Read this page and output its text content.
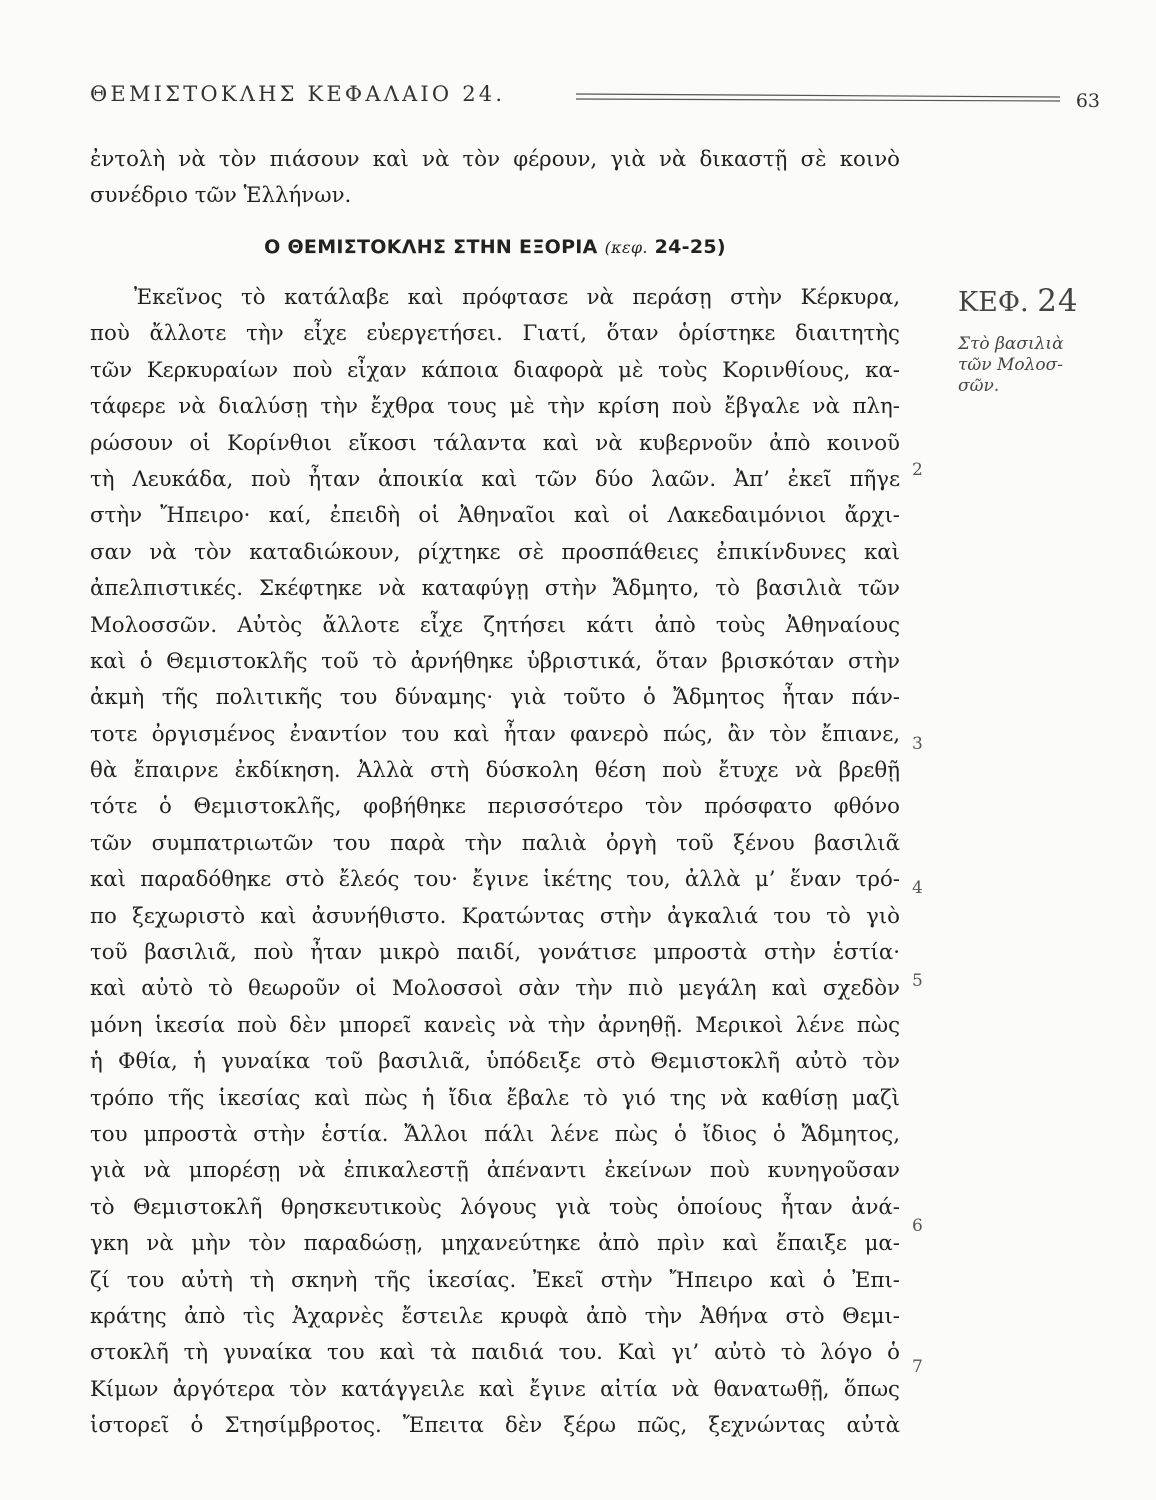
ΘΕΜΙΣΤΟΚΛΗΣ ΚΕΦΑΛΑΙΟ 24.	63
ἐντολὴ νὰ τὸν πιάσουν καὶ νὰ τὸν φέρουν, γιὰ νὰ δικαστῇ σὲ κοινὸ
συνέδριο τῶν Ἑλλήνων.
Ο ΘΕΜΙΣΤΟΚΛΗΣ ΣΤΗΝ ΕΞΟΡΙΑ (κεφ. 24-25)
Ἐκεῖνος τὸ κατάλαβε καὶ πρόφτασε νὰ περάσῃ στὴν Κέρκυρα,
ποὺ ἄλλοτε τὴν εἶχε εὐεργετήσει. Γιατί, ὅταν ὁρίστηκε διαιτητὴς
τῶν Κερκυραίων ποὺ εἶχαν κάποια διαφορὰ μὲ τοὺς Κορινθίους, κα-
τάφερε νὰ διαλύσῃ τὴν ἔχθρα τους μὲ τὴν κρίση ποὺ ἔβγαλε νὰ πλη-
ρώσουν οἱ Κορίνθιοι εἴκοσι τάλαντα καὶ νὰ κυβερνοῦν ἀπὸ κοινοῦ
τὴ Λευκάδα, ποὺ ἦταν ἀποικία καὶ τῶν δύο λαῶν. Ἀπ’ ἐκεῖ πῆγε
στὴν Ἤπειρο· καί, ἐπειδὴ οἱ Ἀθηναῖοι καὶ οἱ Λακεδαιμόνιοι ἄρχι-
σαν νὰ τὸν καταδιώκουν, ρίχτηκε σὲ προσπάθειες ἐπικίνδυνες καὶ
ἀπελπιστικές. Σκέφτηκε νὰ καταφύγῃ στὴν Ἄδμητο, τὸ βασιλιὰ τῶν
Μολοσσῶν. Αὐτὸς ἄλλοτε εἶχε ζητήσει κάτι ἀπὸ τοὺς Ἀθηναίους
καὶ ὁ Θεμιστοκλῆς τοῦ τὸ ἀρνήθηκε ὑβριστικά, ὅταν βρισκόταν στὴν
ἀκμὴ τῆς πολιτικῆς του δύναμης· γιὰ τοῦτο ὁ Ἄδμητος ἦταν πάν-
τοτε ὀργισμένος ἐναντίον του καὶ ἦταν φανερὸ πώς, ἂν τὸν ἔπιανε,
θὰ ἔπαιρνε ἐκδίκηση. Ἀλλὰ στὴ δύσκολη θέση ποὺ ἔτυχε νὰ βρεθῇ
τότε ὁ Θεμιστοκλῆς, φοβήθηκε περισσότερο τὸν πρόσφατο φθόνο
τῶν συμπατριωτῶν του παρὰ τὴν παλιὰ ὀργὴ τοῦ ξένου βασιλιᾶ
καὶ παραδόθηκε στὸ ἔλεός του· ἔγινε ἱκέτης του, ἀλλὰ μ’ ἕναν τρό-
πο ξεχωριστὸ καὶ ἀσυνήθιστο. Κρατώντας στὴν ἀγκαλιά του τὸ γιὸ
τοῦ βασιλιᾶ, ποὺ ἦταν μικρὸ παιδί, γονάτισε μπροστὰ στὴν ἑστία·
καὶ αὐτὸ τὸ θεωροῦν οἱ Μολοσσοὶ σὰν τὴν πιὸ μεγάλη καὶ σχεδὸν
μόνη ἱκεσία ποὺ δὲν μπορεῖ κανεὶς νὰ τὴν ἀρνηθῇ. Μερικοὶ λένε πὼς
ἡ Φθία, ἡ γυναίκα τοῦ βασιλιᾶ, ὑπόδειξε στὸ Θεμιστοκλῆ αὐτὸ τὸν
τρόπο τῆς ἱκεσίας καὶ πὼς ἡ ἴδια ἔβαλε τὸ γιό της νὰ καθίσῃ μαζὶ
του μπροστὰ στὴν ἑστία. Ἄλλοι πάλι λένε πὼς ὁ ἴδιος ὁ Ἄδμητος,
γιὰ νὰ μπορέσῃ νὰ ἐπικαλεστῇ ἀπέναντι ἐκείνων ποὺ κυνηγοῦσαν
τὸ Θεμιστοκλῆ θρησκευτικοὺς λόγους γιὰ τοὺς ὁποίους ἦταν ἀνά-
γκη νὰ μὴν τὸν παραδώσῃ, μηχανεύτηκε ἀπὸ πρὶν καὶ ἔπαιξε μα-
ζί του αὐτὴ τὴ σκηνὴ τῆς ἱκεσίας. Ἐκεῖ στὴν Ἤπειρο καὶ ὁ Ἐπι-
κράτης ἀπὸ τὶς Ἀχαρνὲς ἔστειλε κρυφὰ ἀπὸ τὴν Ἀθήνα στὸ Θεμι-
στοκλῆ τὴ γυναίκα του καὶ τὰ παιδιά του. Καὶ γι’ αὐτὸ τὸ λόγο ὁ
Κίμων ἀργότερα τὸν κατάγγειλε καὶ ἔγινε αἰτία νὰ θανατωθῇ, ὅπως
ἱστορεῖ ὁ Στησίμβροτος. Ἔπειτα δὲν ξέρω πῶς, ξεχνώντας αὐτὰ
ΚΕΦ. 24
Στὸ βασιλιὰ
τῶν Μολοσ-
σῶν.
2
3
4
5
6
7
